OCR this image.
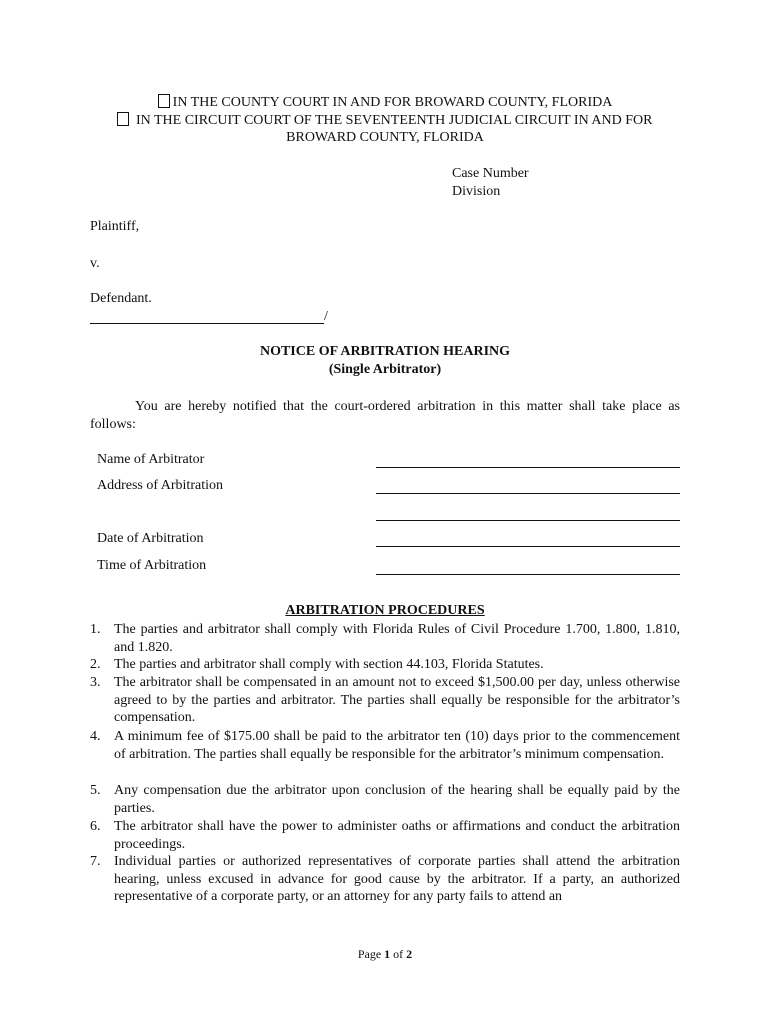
IN THE COUNTY COURT IN AND FOR BROWARD COUNTY, FLORIDA
IN THE CIRCUIT COURT OF THE SEVENTEENTH JUDICIAL CIRCUIT IN AND FOR
BROWARD COUNTY, FLORIDA
Case Number
Division
Plaintiff,
v.
Defendant.
/
NOTICE OF ARBITRATION HEARING
(Single Arbitrator)
You are hereby notified that the court-ordered arbitration in this matter shall take place as follows:
Name of Arbitrator
Address of Arbitration
Date of Arbitration
Time of Arbitration
ARBITRATION PROCEDURES
1. The parties and arbitrator shall comply with Florida Rules of Civil Procedure 1.700, 1.800, 1.810, and 1.820.
2. The parties and arbitrator shall comply with section 44.103, Florida Statutes.
3. The arbitrator shall be compensated in an amount not to exceed $1,500.00 per day, unless otherwise agreed to by the parties and arbitrator. The parties shall equally be responsible for the arbitrator’s compensation.
4. A minimum fee of $175.00 shall be paid to the arbitrator ten (10) days prior to the commencement of arbitration. The parties shall equally be responsible for the arbitrator’s minimum compensation.
5. Any compensation due the arbitrator upon conclusion of the hearing shall be equally paid by the parties.
6. The arbitrator shall have the power to administer oaths or affirmations and conduct the arbitration proceedings.
7. Individual parties or authorized representatives of corporate parties shall attend the arbitration hearing, unless excused in advance for good cause by the arbitrator. If a party, an authorized representative of a corporate party, or an attorney for any party fails to attend an
Page 1 of 2
